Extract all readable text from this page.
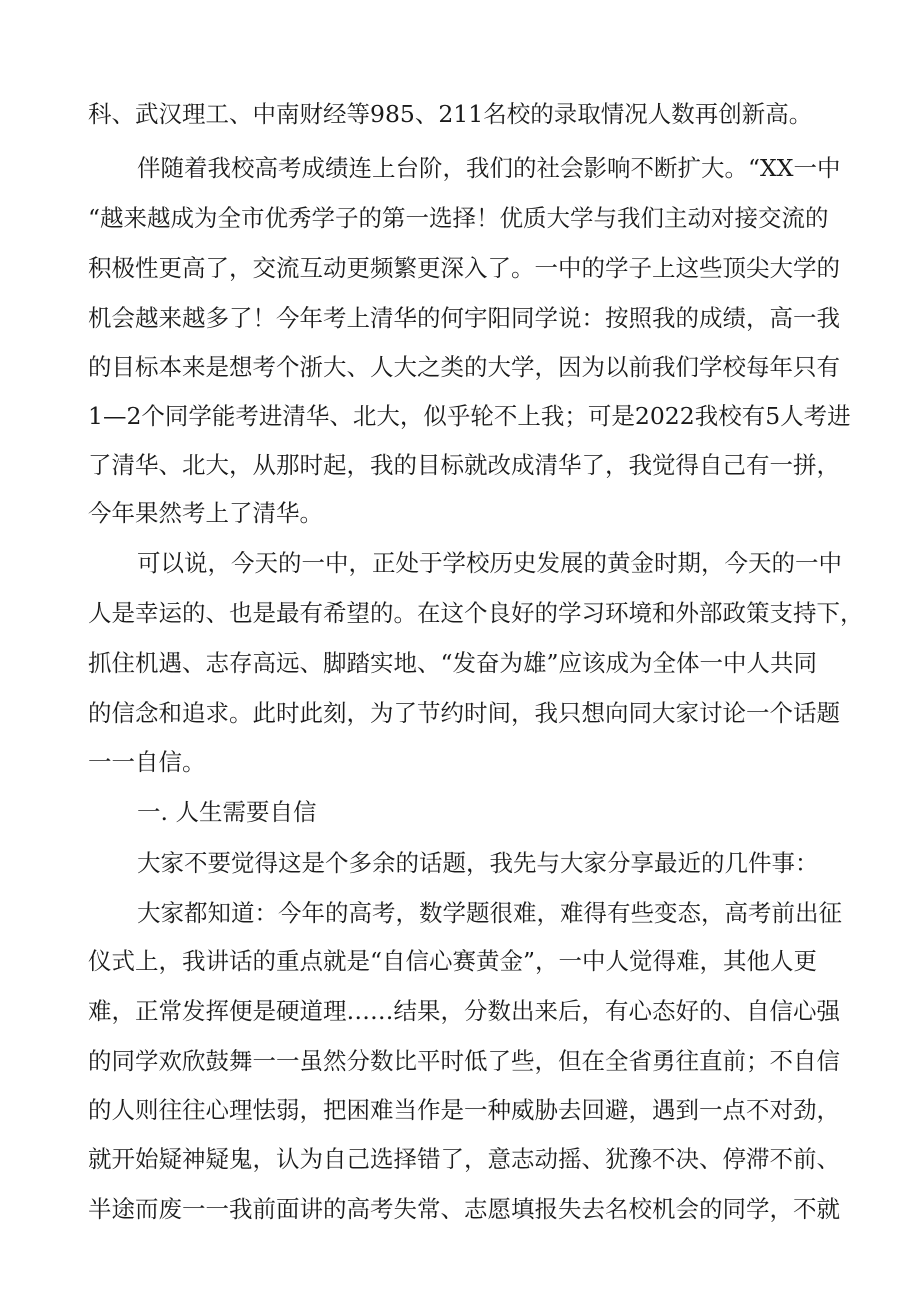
科、武汉理工、中南财经等985、211名校的录取情况人数再创新高。
伴随着我校高考成绩连上台阶，我们的社会影响不断扩大。“XX一中
“越来越成为全市优秀学子的第一选择！优质大学与我们主动对接交流的
积极性更高了，交流互动更频繁更深入了。一中的学子上这些顶尖大学的
机会越来越多了！今年考上清华的何宇阳同学说：按照我的成绩，高一我
的目标本来是想考个浙大、人大之类的大学，因为以前我们学校每年只有
1—2个同学能考进清华、北大，似乎轮不上我；可是2022我校有5人考进
了清华、北大，从那时起，我的目标就改成清华了，我觉得自己有一拼，
今年果然考上了清华。
可以说，今天的一中，正处于学校历史发展的黄金时期，今天的一中
人是幸运的、也是最有希望的。在这个良好的学习环境和外部政策支持下，
抓住机遇、志存高远、脚踏实地、“发奋为雄”应该成为全体一中人共同
的信念和追求。此时此刻，为了节约时间，我只想向同大家讨论一个话题
一一自信。
一. 人生需要自信
大家不要觉得这是个多余的话题，我先与大家分享最近的几件事：
大家都知道：今年的高考，数学题很难，难得有些变态，高考前出征
仪式上，我讲话的重点就是“自信心赛黄金”，一中人觉得难，其他人更
难，正常发挥便是硬道理……结果，分数出来后，有心态好的、自信心强
的同学欢欣鼓舞一一虽然分数比平时低了些，但在全省勇往直前；不自信
的人则往往心理怯弱，把困难当作是一种威胁去回避，遇到一点不对劲，
就开始疑神疑鬼，认为自己选择错了，意志动摇、犹豫不决、停滞不前、
半途而废一一我前面讲的高考失常、志愿填报失去名校机会的同学，不就
